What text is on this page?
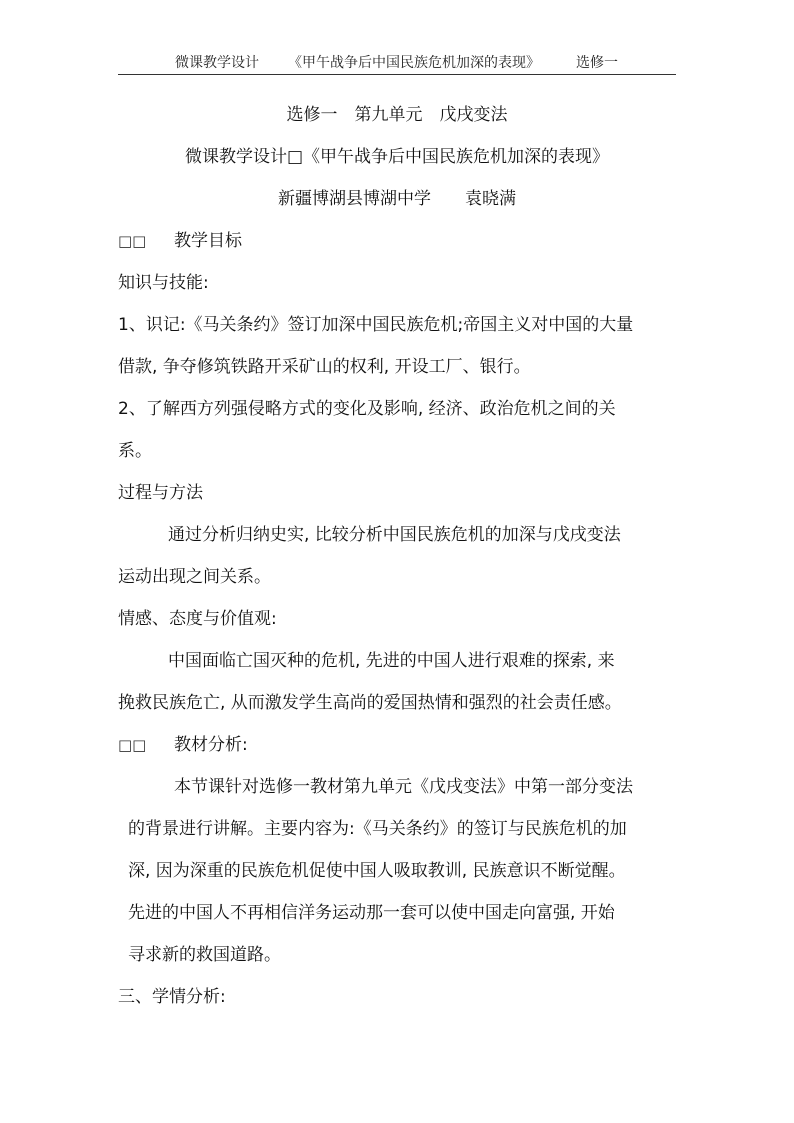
微课教学设计 《甲午战争后中国民族危机加深的表现》	选修一
选修一　第九单元　戊戌变法
微课教学设计□《甲午战争后中国民族危机加深的表现》
新疆博湖县博湖中学　　袁晓满
□□ 教学目标
知识与技能:
1、识记:《马关条约》签订加深中国民族危机;帝国主义对中国的大量
借款, 争夺修筑铁路开采矿山的权利, 开设工厂、银行。
2、了解西方列强侵略方式的变化及影响, 经济、政治危机之间的关
系。
过程与方法
通过分析归纳史实, 比较分析中国民族危机的加深与戊戌变法
运动出现之间关系。
情感、态度与价值观:
中国面临亡国灭种的危机, 先进的中国人进行艰难的探索, 来
挽救民族危亡, 从而激发学生高尚的爱国热情和强烈的社会责任感。
□□ 教材分析:
本节课针对选修一教材第九单元《戊戌变法》中第一部分变法
的背景进行讲解。主要内容为:《马关条约》的签订与民族危机的加
深, 因为深重的民族危机促使中国人吸取教训, 民族意识不断觉醒。
先进的中国人不再相信洋务运动那一套可以使中国走向富强, 开始
寻求新的救国道路。
三、学情分析:
